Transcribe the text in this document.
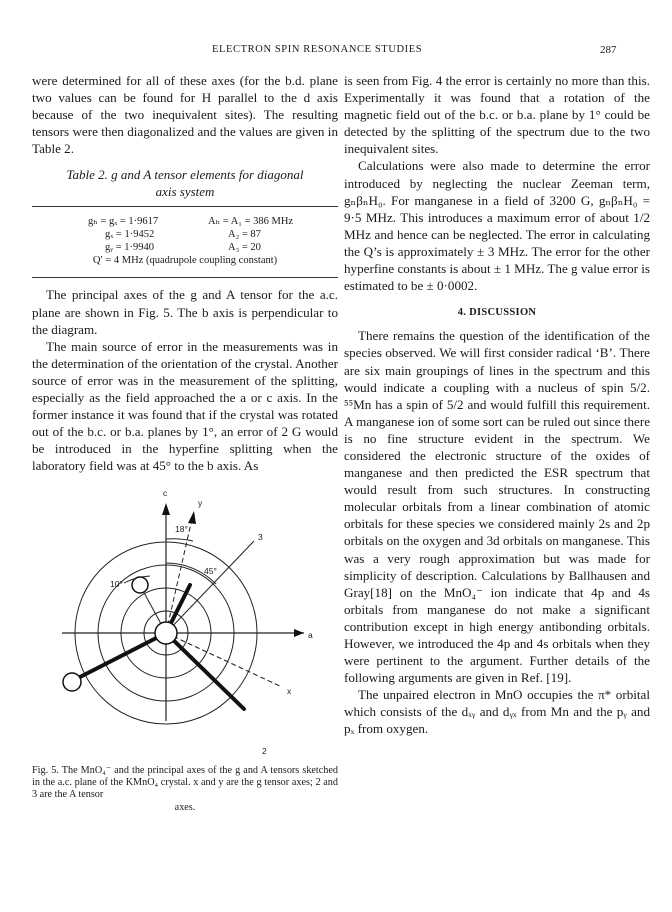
ELECTRON SPIN RESONANCE STUDIES	287

were determined for all of these axes (for the b.d. plane two values can be found for H parallel to the d axis because of the two inequivalent sites). The resulting tensors were then diagonalized and the values are given in Table 2.

Table 2. g and A tensor elements for diagonal
axis system
gₕ = gₓ = 1·9617	Aₕ = A₁ = 386 MHz
gₓ = 1·9452	A₂ = 87
gᵧ = 1·9940	A₃ = 20
Q′ = 4 MHz (quadrupole coupling constant)

The principal axes of the g and A tensor for the a.c. plane are shown in Fig. 5. The b axis is perpendicular to the diagram.

The main source of error in the measurements was in the determination of the orientation of the crystal. Another source of error was in the measurement of the splitting, especially as the field approached the a or c axis. In the former instance it was found that if the crystal was rotated out of the b.c. or b.a. planes by 1°, an error of 2 G would be introduced in the hyperfine splitting when the laboratory field was at 45° to the b axis. As

c
y
3
a
x
2
18°
45°
10°
Fig. 5. The MnO₄⁻ and the principal axes of the g and A tensors sketched in the a.c. plane of the KMnO₄ crystal. x and y are the g tensor axes; 2 and 3 are the A tensor
axes.

is seen from Fig. 4 the error is certainly no more than this. Experimentally it was found that a rotation of the magnetic field out of the b.c. or b.a. plane by 1° could be detected by the splitting of the spectrum due to the two inequivalent sites.

Calculations were also made to determine the error introduced by neglecting the nuclear Zeeman term, gₙβₙH₀. For manganese in a field of 3200 G, gₙβₙH₀ = 9·5 MHz. This introduces a maximum error of about 1/2 MHz and hence can be neglected. The error in calculating the Q’s is approximately ± 3 MHz. The error for the other hyperfine constants is about ± 1 MHz. The g value error is estimated to be ± 0·0002.

4. DISCUSSION

There remains the question of the identification of the species observed. We will first consider radical ‘B’. There are six main groupings of lines in the spectrum and this would indicate a coupling with a nucleus of spin 5/2. ⁵⁵Mn has a spin of 5/2 and would fulfill this requirement. A manganese ion of some sort can be ruled out since there is no fine structure evident in the spectrum. We considered the electronic structure of the oxides of manganese and then predicted the ESR spectrum that would result from such structures. In constructing molecular orbitals from a linear combination of atomic orbitals for these species we considered mainly 2s and 2p orbitals on the oxygen and 3d orbitals on manganese. This was a very rough approximation but was made for simplicity of description. Calculations by Ballhausen and Gray[18] on the MnO₄⁻ ion indicate that 4p and 4s orbitals from manganese do not make a significant contribution except in high energy antibonding orbitals. However, we introduced the 4p and 4s orbitals when they were pertinent to the argument. Further details of the following arguments are given in Ref. [19].

The unpaired electron in MnO occupies the π* orbital which consists of the dₓᵧ and dᵧₓ from Mn and the pᵧ and pₓ from oxygen.
